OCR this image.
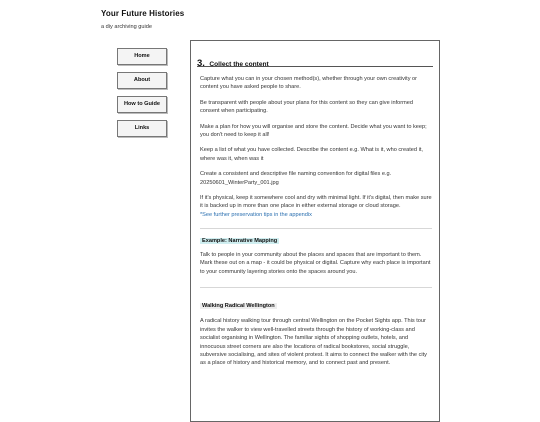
Your Future Histories
a diy archiving guide
Home
About
How to Guide
Links
3. Collect the content

Capture what you can in your chosen method(s), whether through your own creativity or content you have asked people to share.

Be transparent with people about your plans for this content so they can give informed consent when participating.

Make a plan for how you will organise and store the content. Decide what you want to keep; you don't need to keep it all!

Keep a list of what you have collected. Describe the content e.g. What is it, who created it, where was it, when was it

Create a consistent and descriptive file naming convention for digital files e.g. 20250601_WinterParty_001.jpg

If it's physical, keep it somewhere cool and dry with minimal light. If it's digital, then make sure it is backed up in more than one place in either external storage or cloud storage.

*See further preservation tips in the appendix

Example: Narrative Mapping

Talk to people in your community about the places and spaces that are important to them. Mark these out on a map - it could be physical or digital. Capture why each place is important to your community layering stories onto the spaces around you.

Walking Radical Wellington

A radical history walking tour through central Wellington on the Pocket Sights app. This tour invites the walker to view well-travelled streets through the history of working-class and socialist organising in Wellington. The familiar sights of shopping outlets, hotels, and innocuous street corners are also the locations of radical bookstores, social struggle, subversive socialising, and sites of violent protest. It aims to connect the walker with the city as a place of history and historical memory, and to connect past and present.
